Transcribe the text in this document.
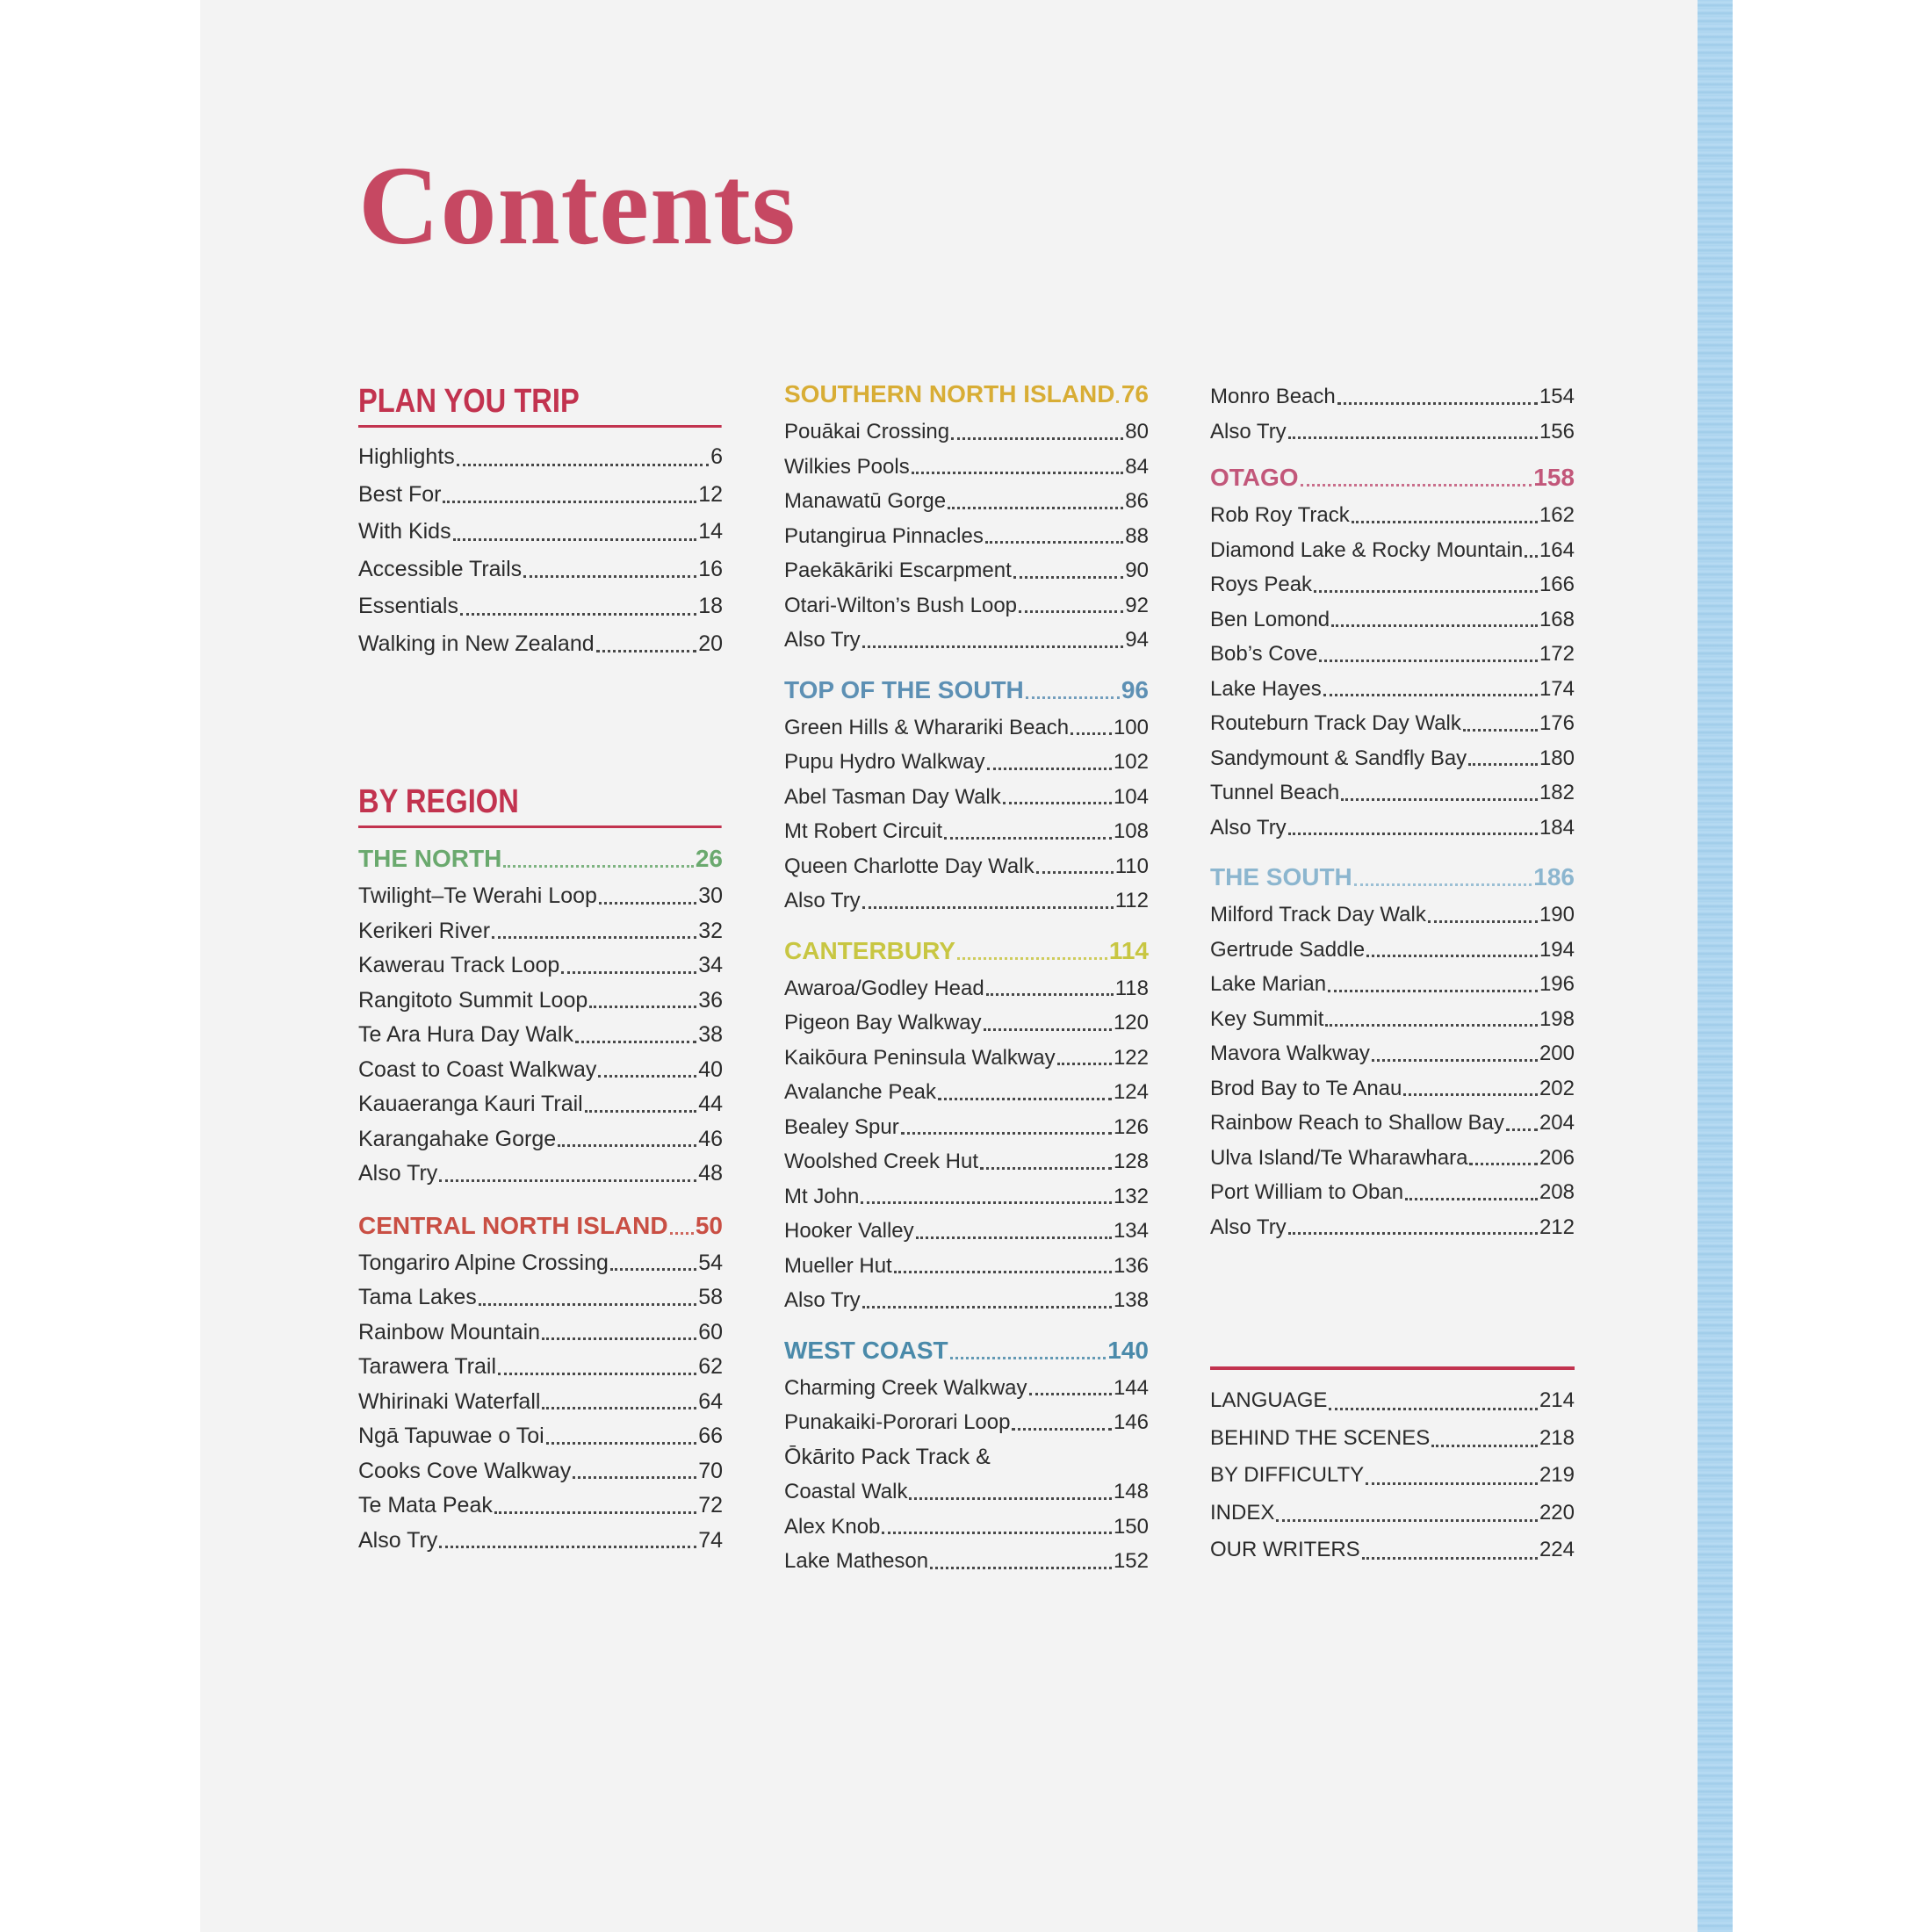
Contents
PLAN YOU TRIP
Highlights	6
Best For	12
With Kids	14
Accessible Trails	16
Essentials	18
Walking in New Zealand	20
BY REGION
THE NORTH	26
Twilight–Te Werahi Loop	30
Kerikeri River	32
Kawerau Track Loop	34
Rangitoto Summit Loop	36
Te Ara Hura Day Walk	38
Coast to Coast Walkway	40
Kauaeranga Kauri Trail	44
Karangahake Gorge	46
Also Try	48
CENTRAL NORTH ISLAND 50
Tongariro Alpine Crossing	54
Tama Lakes	58
Rainbow Mountain	60
Tarawera Trail	62
Whirinaki Waterfall	64
Ngā Tapuwae o Toi	66
Cooks Cove Walkway	70
Te Mata Peak	72
Also Try	74
SOUTHERN NORTH ISLAND 76
Pouākai Crossing	80
Wilkies Pools	84
Manawatū Gorge	86
Putangirua Pinnacles	88
Paekākāriki Escarpment	90
Otari-Wilton’s Bush Loop	92
Also Try	94
TOP OF THE SOUTH	96
Green Hills & Wharariki Beach 100
Pupu Hydro Walkway	102
Abel Tasman Day Walk	104
Mt Robert Circuit	108
Queen Charlotte Day Walk	110
Also Try	112
CANTERBURY	114
Awaroa/Godley Head	118
Pigeon Bay Walkway	120
Kaikōura Peninsula Walkway	122
Avalanche Peak	124
Bealey Spur	126
Woolshed Creek Hut	128
Mt John	132
Hooker Valley	134
Mueller Hut	136
Also Try	138
WEST COAST	140
Charming Creek Walkway	144
Punakaiki-Pororari Loop	146
Ōkārito Pack Track &
Coastal Walk	148
Alex Knob	150
Lake Matheson	152
Monro Beach	154
Also Try	156
OTAGO	158
Rob Roy Track	162
Diamond Lake & Rocky Mountain 164
Roys Peak	166
Ben Lomond	168
Bob’s Cove	172
Lake Hayes	174
Routeburn Track Day Walk	176
Sandymount & Sandfly Bay	180
Tunnel Beach	182
Also Try	184
THE SOUTH	186
Milford Track Day Walk	190
Gertrude Saddle	194
Lake Marian	196
Key Summit	198
Mavora Walkway	200
Brod Bay to Te Anau	202
Rainbow Reach to Shallow Bay 204
Ulva Island/Te Wharawhara	206
Port William to Oban	208
Also Try	212
LANGUAGE	214
BEHIND THE SCENES	218
BY DIFFICULTY	219
INDEX	220
OUR WRITERS	224
